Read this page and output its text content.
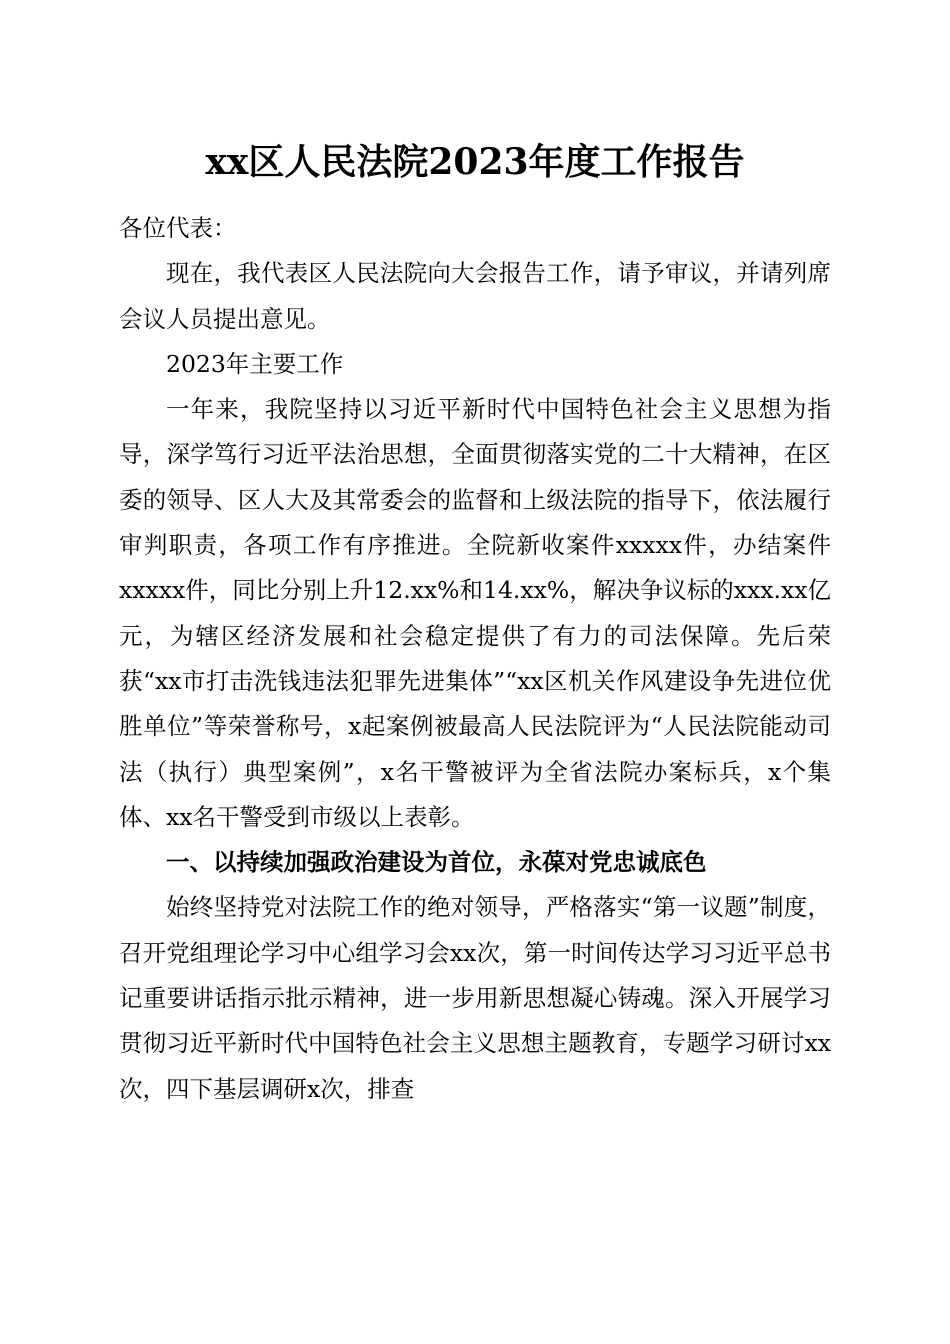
xx区人民法院2023年度工作报告

各位代表：

现在，我代表区人民法院向大会报告工作，请予审议，并请列席会议人员提出意见。

2023年主要工作

一年来，我院坚持以习近平新时代中国特色社会主义思想为指导，深学笃行习近平法治思想，全面贯彻落实党的二十大精神，在区委的领导、区人大及其常委会的监督和上级法院的指导下，依法履行审判职责，各项工作有序推进。全院新收案件xxxxx件，办结案件xxxxx件，同比分别上升12.xx%和14.xx%，解决争议标的xxx.xx亿元，为辖区经济发展和社会稳定提供了有力的司法保障。先后荣获“xx市打击洗钱违法犯罪先进集体”“xx区机关作风建设争先进位优胜单位”等荣誉称号，x起案例被最高人民法院评为“人民法院能动司法（执行）典型案例”，x名干警被评为全省法院办案标兵，x个集体、xx名干警受到市级以上表彰。

一、以持续加强政治建设为首位，永葆对党忠诚底色

始终坚持党对法院工作的绝对领导，严格落实“第一议题”制度，召开党组理论学习中心组学习会xx次，第一时间传达学习习近平总书记重要讲话指示批示精神，进一步用新思想凝心铸魂。深入开展学习贯彻习近平新时代中国特色社会主义思想主题教育，专题学习研讨xx次，四下基层调研x次，排查
